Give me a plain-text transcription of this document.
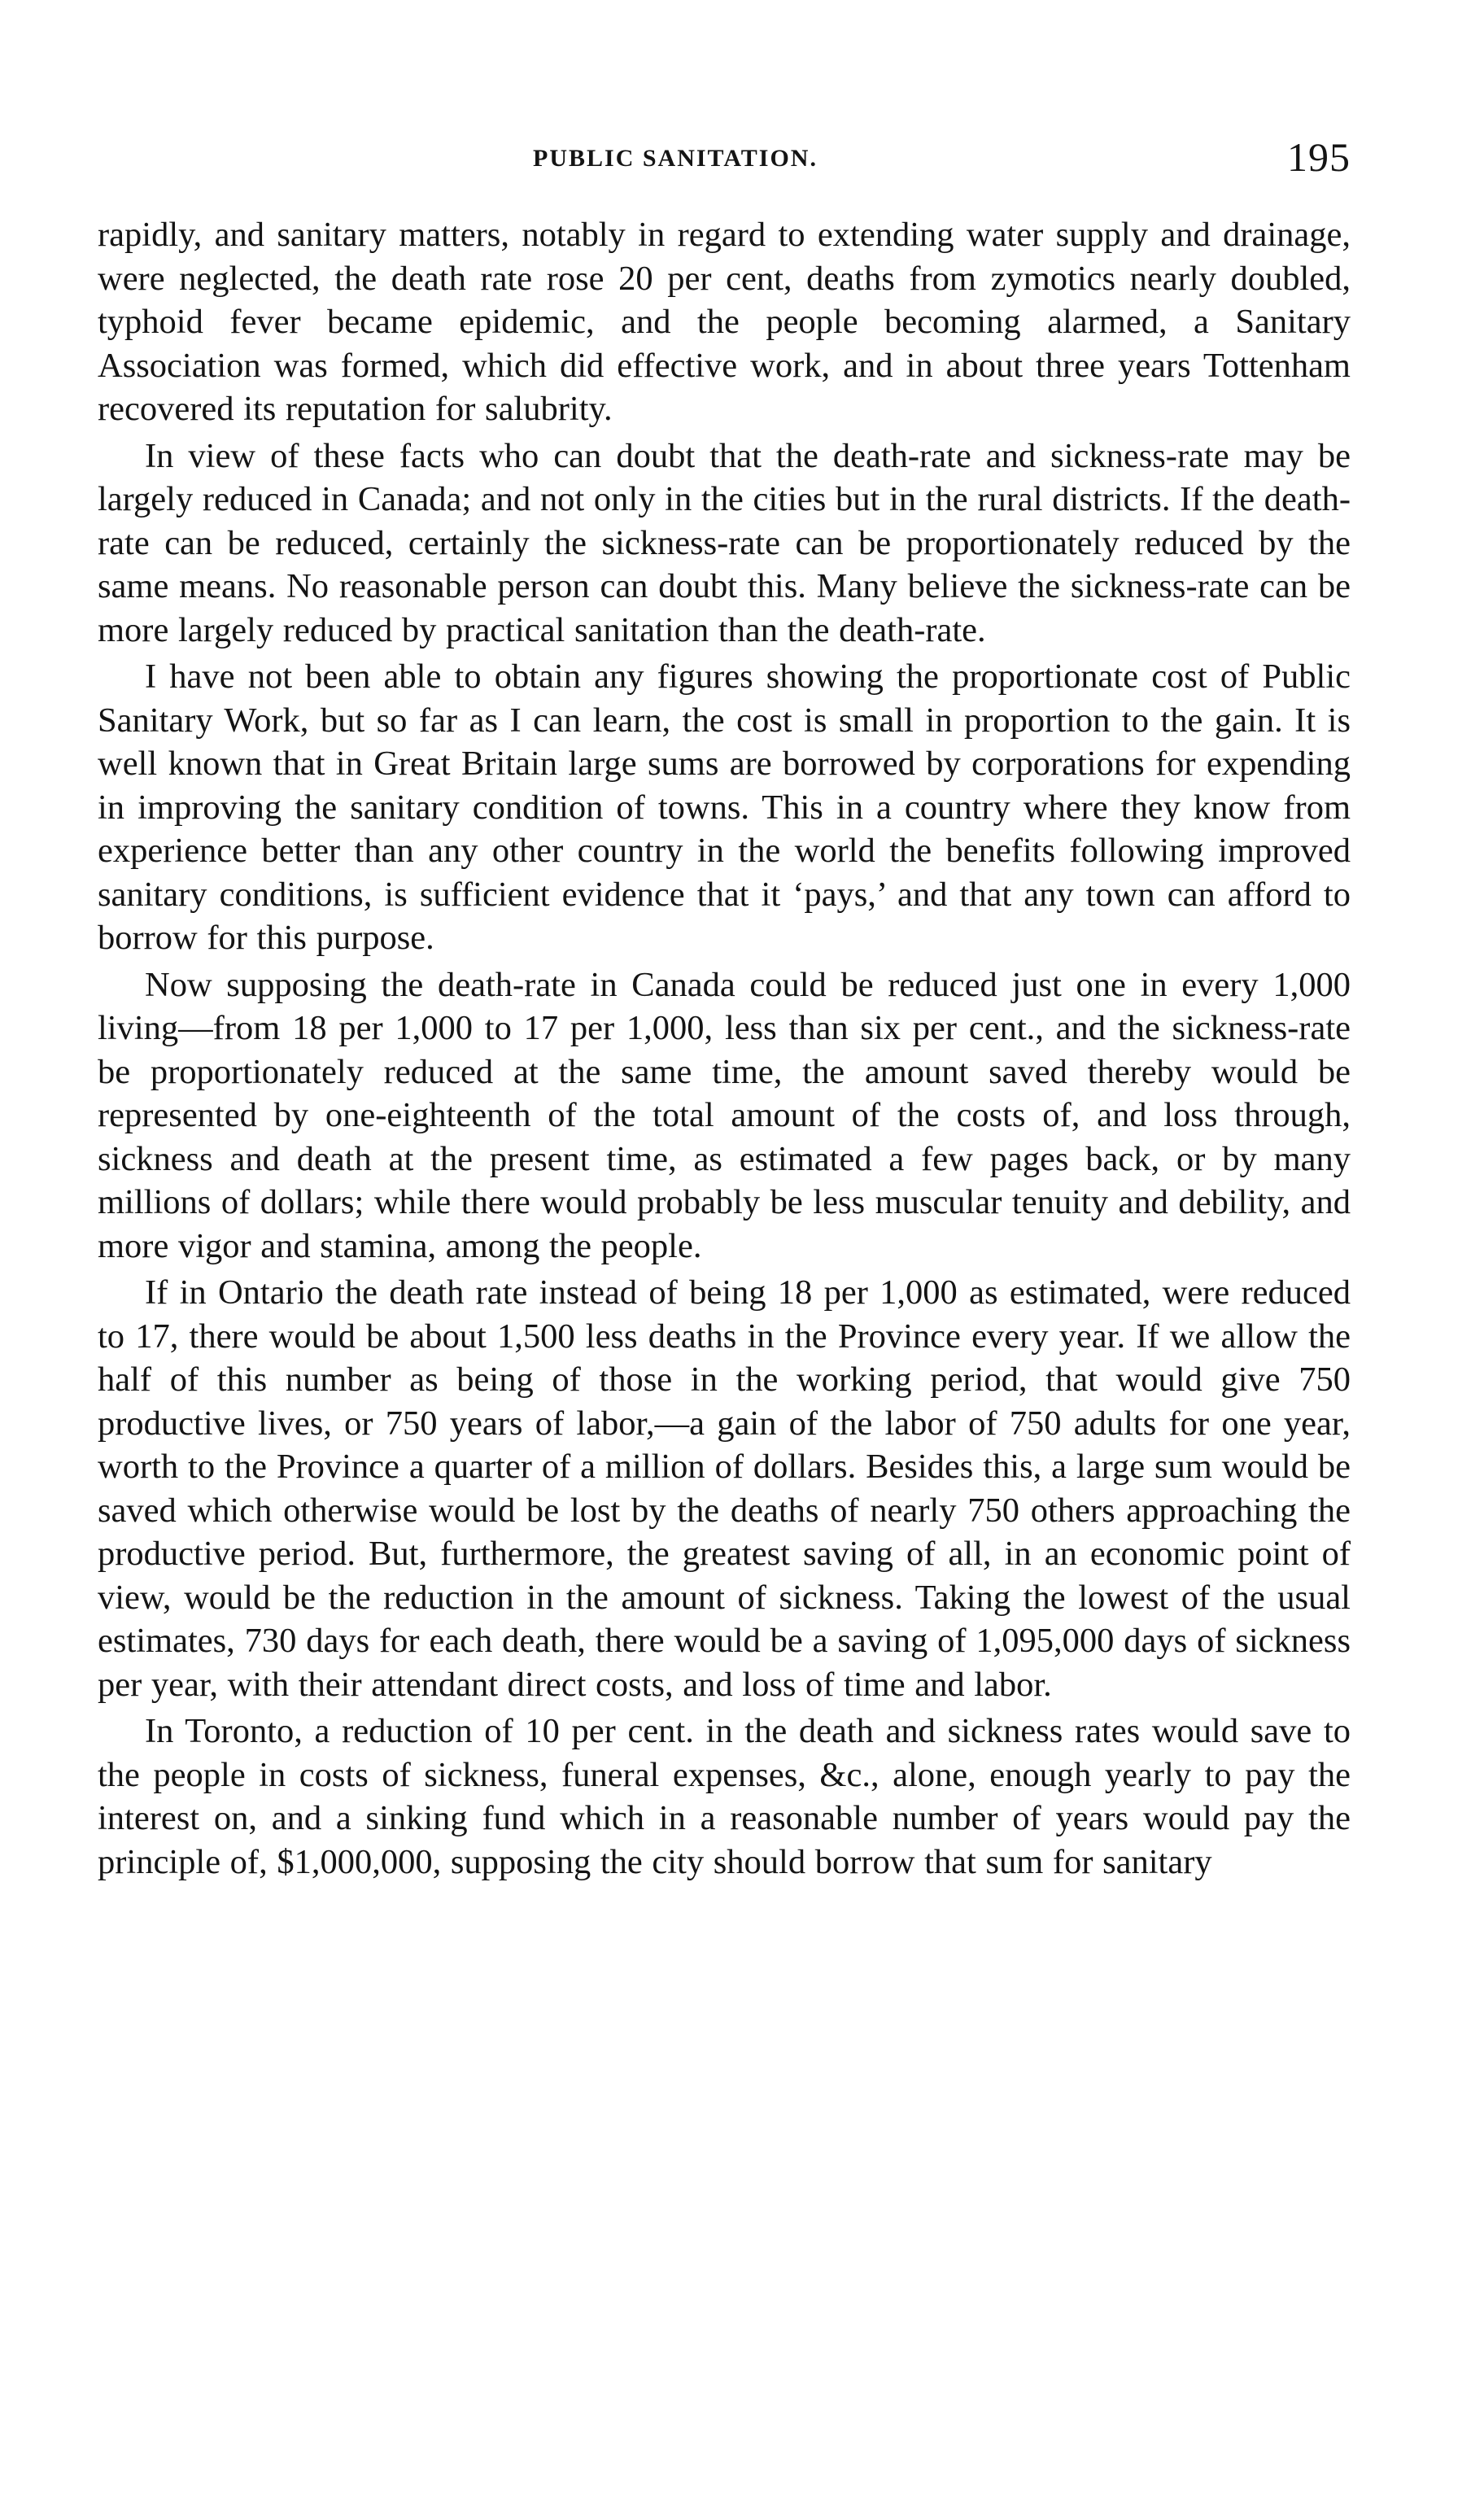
PUBLIC SANITATION.	195

rapidly, and sanitary matters, notably in regard to extending water supply and drainage, were neglected, the death rate rose 20 per cent, deaths from zymotics nearly doubled, typhoid fever became epidemic, and the people becoming alarmed, a Sanitary Association was formed, which did effective work, and in about three years Tottenham recovered its reputation for salubrity.

In view of these facts who can doubt that the death-rate and sickness-rate may be largely reduced in Canada; and not only in the cities but in the rural districts. If the death-rate can be reduced, certainly the sickness-rate can be proportionately reduced by the same means. No reasonable person can doubt this. Many believe the sickness-rate can be more largely reduced by practical sanitation than the death-rate.

I have not been able to obtain any figures showing the proportionate cost of Public Sanitary Work, but so far as I can learn, the cost is small in proportion to the gain. It is well known that in Great Britain large sums are borrowed by corporations for expending in improving the sanitary condition of towns. This in a country where they know from experience better than any other country in the world the benefits following improved sanitary conditions, is sufficient evidence that it ‘pays,’ and that any town can afford to borrow for this purpose.

Now supposing the death-rate in Canada could be reduced just one in every 1,000 living—from 18 per 1,000 to 17 per 1,000, less than six per cent., and the sickness-rate be proportionately reduced at the same time, the amount saved thereby would be represented by one-eighteenth of the total amount of the costs of, and loss through, sickness and death at the present time, as estimated a few pages back, or by many millions of dollars; while there would probably be less muscular tenuity and debility, and more vigor and stamina, among the people.

If in Ontario the death rate instead of being 18 per 1,000 as estimated, were reduced to 17, there would be about 1,500 less deaths in the Province every year. If we allow the half of this number as being of those in the working period, that would give 750 productive lives, or 750 years of labor,—a gain of the labor of 750 adults for one year, worth to the Province a quarter of a million of dollars. Besides this, a large sum would be saved which otherwise would be lost by the deaths of nearly 750 others approaching the productive period. But, furthermore, the greatest saving of all, in an economic point of view, would be the reduction in the amount of sickness. Taking the lowest of the usual estimates, 730 days for each death, there would be a saving of 1,095,000 days of sickness per year, with their attendant direct costs, and loss of time and labor.

In Toronto, a reduction of 10 per cent. in the death and sickness rates would save to the people in costs of sickness, funeral expenses, &c., alone, enough yearly to pay the interest on, and a sinking fund which in a reasonable number of years would pay the principle of, $1,000,000, supposing the city should borrow that sum for sanitary
